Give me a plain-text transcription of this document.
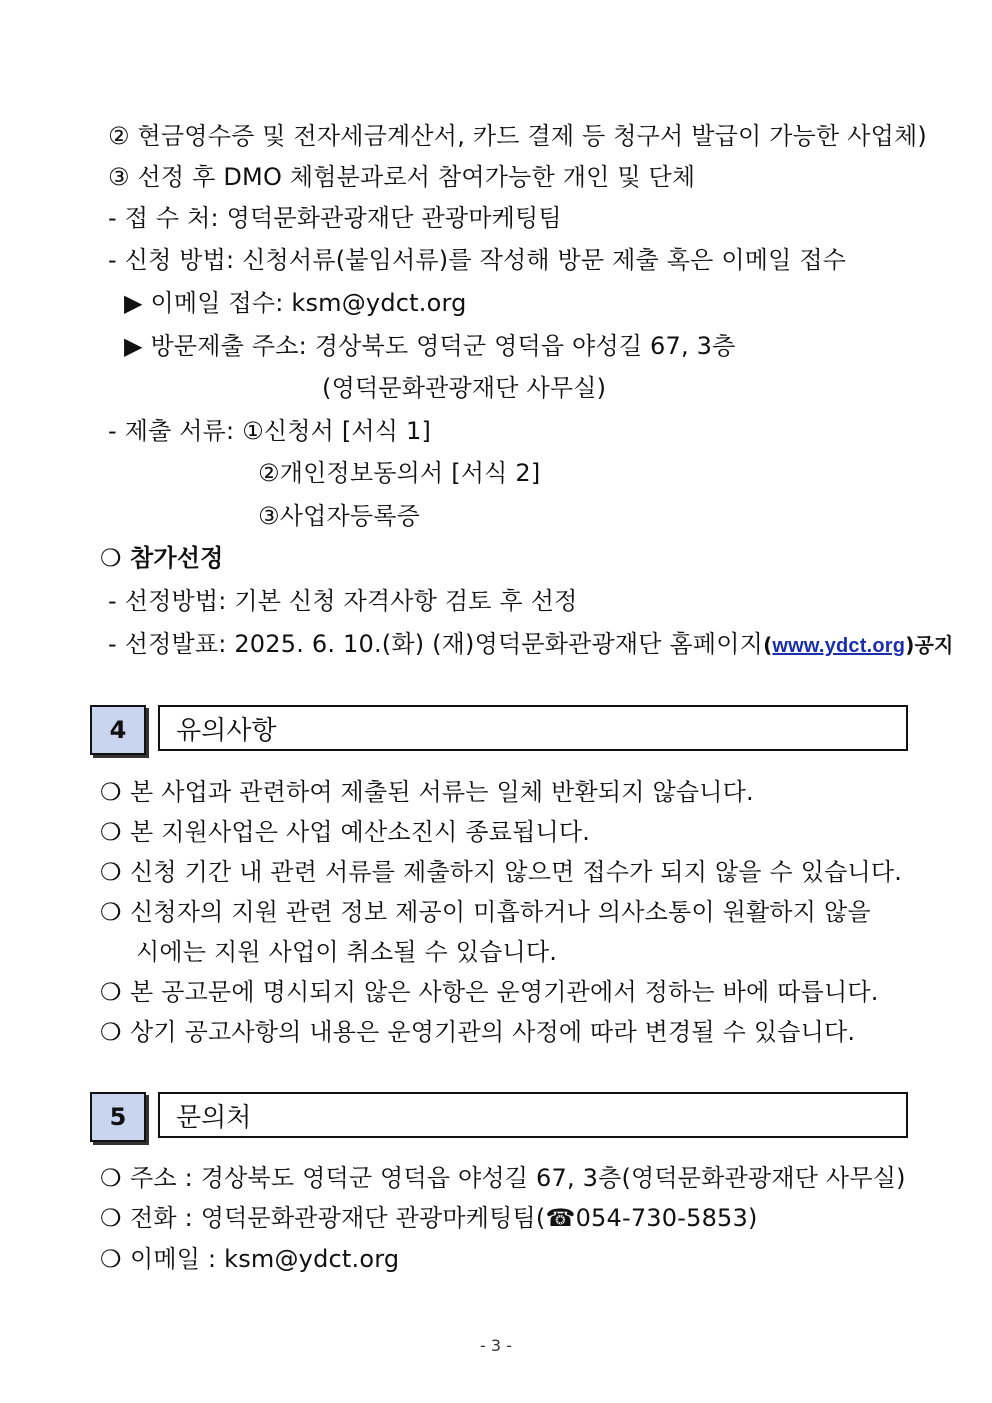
② 현금영수증 및 전자세금계산서, 카드 결제 등 청구서 발급이 가능한 사업체)
③ 선정 후 DMO 체험분과로서 참여가능한 개인 및 단체
- 접 수 처: 영덕문화관광재단 관광마케팅팀
- 신청 방법: 신청서류(붙임서류)를 작성해 방문 제출 혹은 이메일 접수
▶ 이메일 접수: ksm@ydct.org
▶ 방문제출 주소: 경상북도 영덕군 영덕읍 야성길 67, 3층
(영덕문화관광재단 사무실)
- 제출 서류: ①신청서 [서식 1]
②개인정보동의서 [서식 2]
③사업자등록증
❍ 참가선정
- 선정방법: 기본 신청 자격사항 검토 후 선정
- 선정발표: 2025. 6. 10.(화) (재)영덕문화관광재단 홈페이지(www.ydct.org)공지
4	유의사항
❍ 본 사업과 관련하여 제출된 서류는 일체 반환되지 않습니다.
❍ 본 지원사업은 사업 예산소진시 종료됩니다.
❍ 신청 기간 내 관련 서류를 제출하지 않으면 접수가 되지 않을 수 있습니다.
❍ 신청자의 지원 관련 정보 제공이 미흡하거나 의사소통이 원활하지 않을
시에는 지원 사업이 취소될 수 있습니다.
❍ 본 공고문에 명시되지 않은 사항은 운영기관에서 정하는 바에 따릅니다.
❍ 상기 공고사항의 내용은 운영기관의 사정에 따라 변경될 수 있습니다.
5	문의처
❍ 주소 : 경상북도 영덕군 영덕읍 야성길 67, 3층(영덕문화관광재단 사무실)
❍ 전화 : 영덕문화관광재단 관광마케팅팀(☎054-730-5853)
❍ 이메일 : ksm@ydct.org
- 3 -
